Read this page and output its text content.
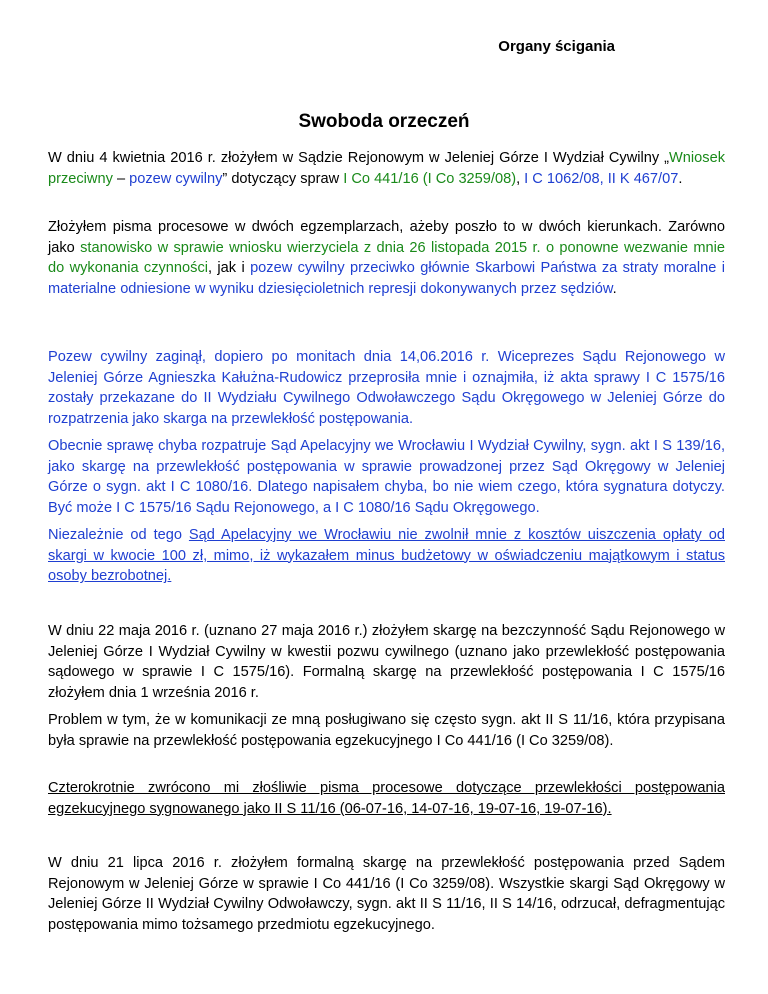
Organy ścigania
Swoboda orzeczeń

W dniu 4 kwietnia 2016 r. złożyłem w Sądzie Rejonowym w Jeleniej Górze I Wydział Cywilny „Wniosek przeciwny – pozew cywilny” dotyczący spraw I Co 441/16 (I Co 3259/08), I C 1062/08, II K 467/07.

Złożyłem pisma procesowe w dwóch egzemplarzach, ażeby poszło to w dwóch kierunkach. Zarówno jako stanowisko w sprawie wniosku wierzyciela z dnia 26 listopada 2015 r. o ponowne wezwanie mnie do wykonania czynności, jak i pozew cywilny przeciwko głównie Skarbowi Państwa za straty moralne i materialne odniesione w wyniku dziesięcioletnich represji dokonywanych przez sędziów.

Pozew cywilny zaginął, dopiero po monitach dnia 14,06.2016 r. Wiceprezes Sądu Rejonowego w Jeleniej Górze Agnieszka Kałużna-Rudowicz przeprosiła mnie i oznajmiła, iż akta sprawy I C 1575/16 zostały przekazane do II Wydziału Cywilnego Odwoławczego Sądu Okręgowego w Jeleniej Górze do rozpatrzenia jako skarga na przewlekłość postępowania.

Obecnie sprawę chyba rozpatruje Sąd Apelacyjny we Wrocławiu I Wydział Cywilny, sygn. akt I S 139/16, jako skargę na przewlekłość postępowania w sprawie prowadzonej przez Sąd Okręgowy w Jeleniej Górze o sygn. akt I C 1080/16. Dlatego napisałem chyba, bo nie wiem czego, która sygnatura dotyczy. Być może I C 1575/16 Sądu Rejonowego, a I C 1080/16 Sądu Okręgowego.

Niezależnie od tego Sąd Apelacyjny we Wrocławiu nie zwolnił mnie z kosztów uiszczenia opłaty od skargi w kwocie 100 zł, mimo, iż wykazałem minus budżetowy w oświadczeniu majątkowym i status osoby bezrobotnej.

W dniu 22 maja 2016 r. (uznano 27 maja 2016 r.) złożyłem skargę na bezczynność Sądu Rejonowego w Jeleniej Górze I Wydział Cywilny w kwestii pozwu cywilnego (uznano jako przewlekłość postępowania sądowego w sprawie I C 1575/16). Formalną skargę na przewlekłość postępowania I C 1575/16 złożyłem dnia 1 września 2016 r.

Problem w tym, że w komunikacji ze mną posługiwano się często sygn. akt II S 11/16, która przypisana była sprawie na przewlekłość postępowania egzekucyjnego I Co 441/16 (I Co 3259/08).

Czterokrotnie zwrócono mi złośliwie pisma procesowe dotyczące przewlekłości postępowania egzekucyjnego sygnowanego jako II S 11/16 (06-07-16, 14-07-16, 19-07-16, 19-07-16).

W dniu 21 lipca 2016 r. złożyłem formalną skargę na przewlekłość postępowania przed Sądem Rejonowym w Jeleniej Górze w sprawie I Co 441/16 (I Co 3259/08). Wszystkie skargi Sąd Okręgowy w Jeleniej Górze II Wydział Cywilny Odwoławczy, sygn. akt II S 11/16, II S 14/16, odrzucał, defragmentując postępowania mimo tożsamego przedmiotu egzekucyjnego.
